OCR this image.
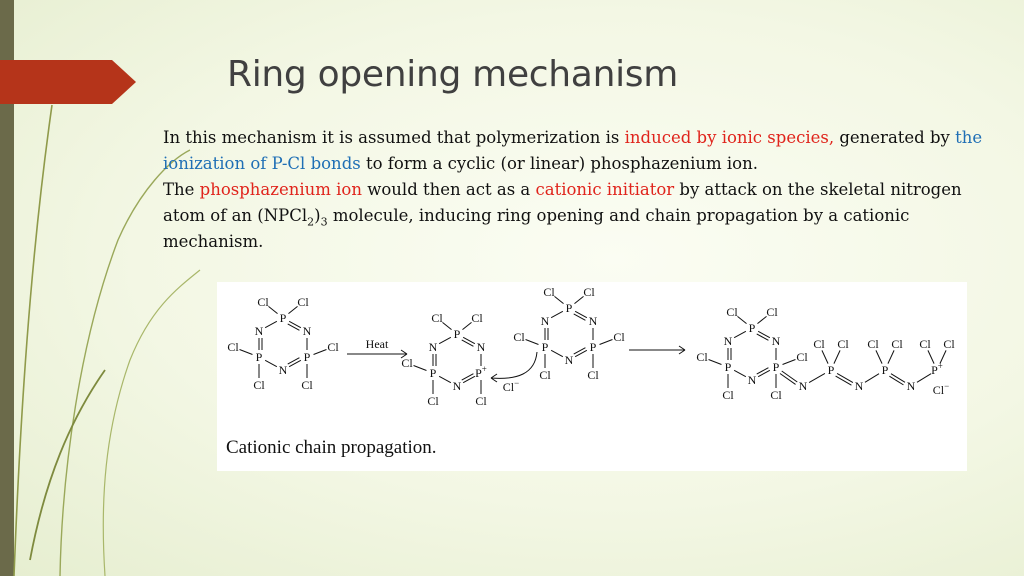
Ring opening mechanism

In this mechanism it is assumed that polymerization is induced by ionic species, generated by the ionization of P-Cl bonds to form a cyclic (or linear) phosphazenium ion.

The phosphazenium ion would then act as a cationic initiator by attack on the skeletal nitrogen atom of an $(NPCl_2)_3$ molecule, inducing ring opening and chain propagation by a cationic mechanism.

P
N
P
N
P
N
Cl Cl
Cl
Cl
Cl
Cl
Heat
P
N
P+
N
P
N
Cl Cl
Cl
Cl
Cl
Cl−
P
N
P
N
P
N
Cl Cl
Cl
Cl
Cl
Cl
P
N
P
N
P
N
Cl Cl
Cl
Cl
Cl
Cl
N
P
Cl Cl
N
P
Cl Cl
N
P+
Cl Cl
Cl−

Cationic chain propagation.
